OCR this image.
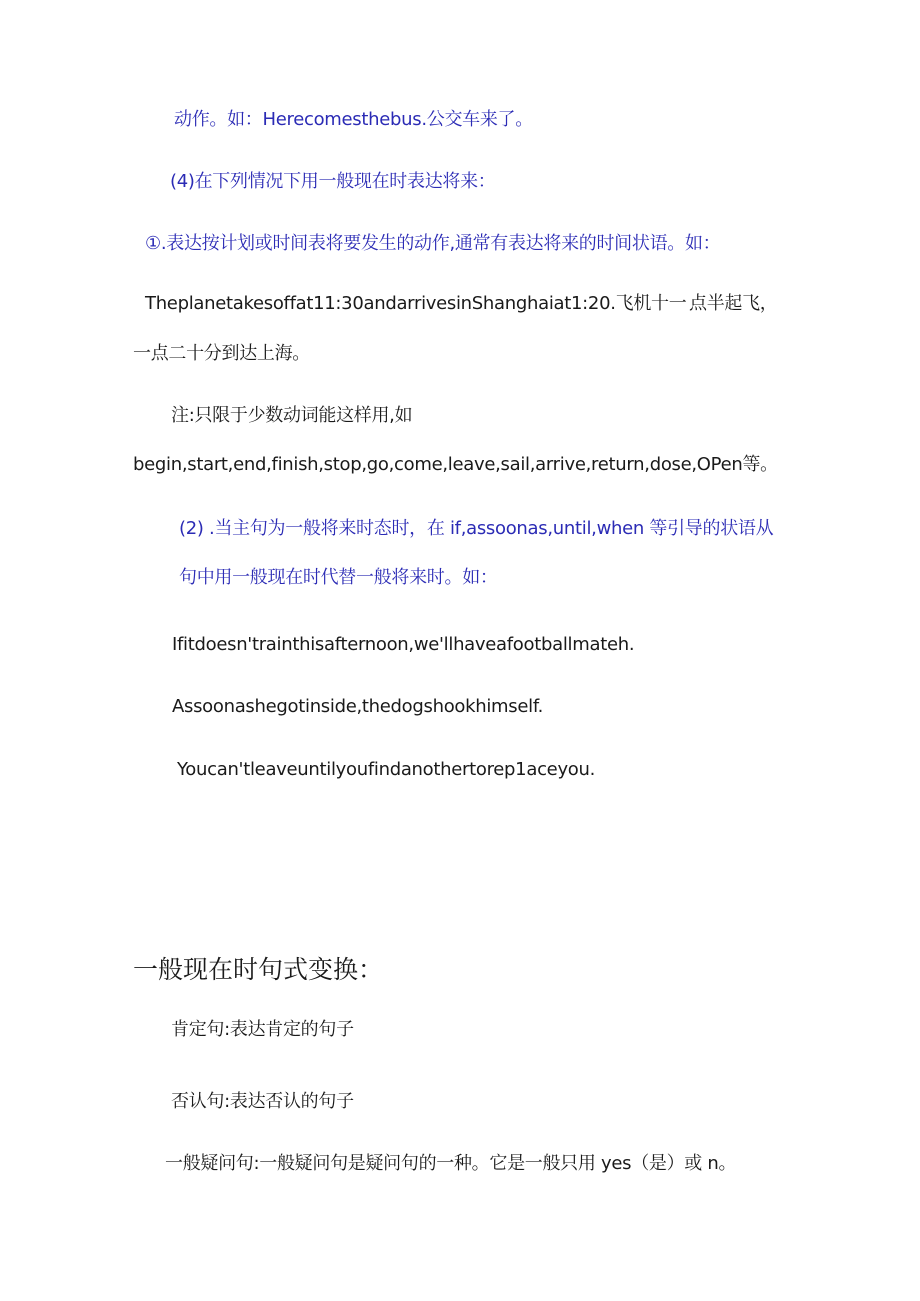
动作。如：Herecomesthebus.公交车来了。
(4)在下列情况下用一般现在时表达将来：
①.表达按计划或时间表将要发生的动作,通常有表达将来的时间状语。如：
Theplanetakesoffat11:30andarrivesinShanghaiat1:20.飞机十一 点半起飞，
一点二十分到达上海。
注:只限于少数动词能这样用,如
begin,start,end,finish,stop,go,come,leave,sail,arrive,return,dose,OPen等。
(2) .当主句为一般将来时态时，在 if,assoonas,until,when 等引导的状语从
句中用一般现在时代替一般将来时。如：
Ifitdoesn'trainthisafternoon,we'llhaveafootballmateh.
Assoonashegotinside,thedogshookhimself.
Youcan'tleaveuntilyoufindanothertorep1aceyou.
一般现在时句式变换：
肯定句:表达肯定的句子
否认句:表达否认的句子
一般疑问句:一般疑问句是疑问句的一种。它是一般只用 yes（是）或 n。
